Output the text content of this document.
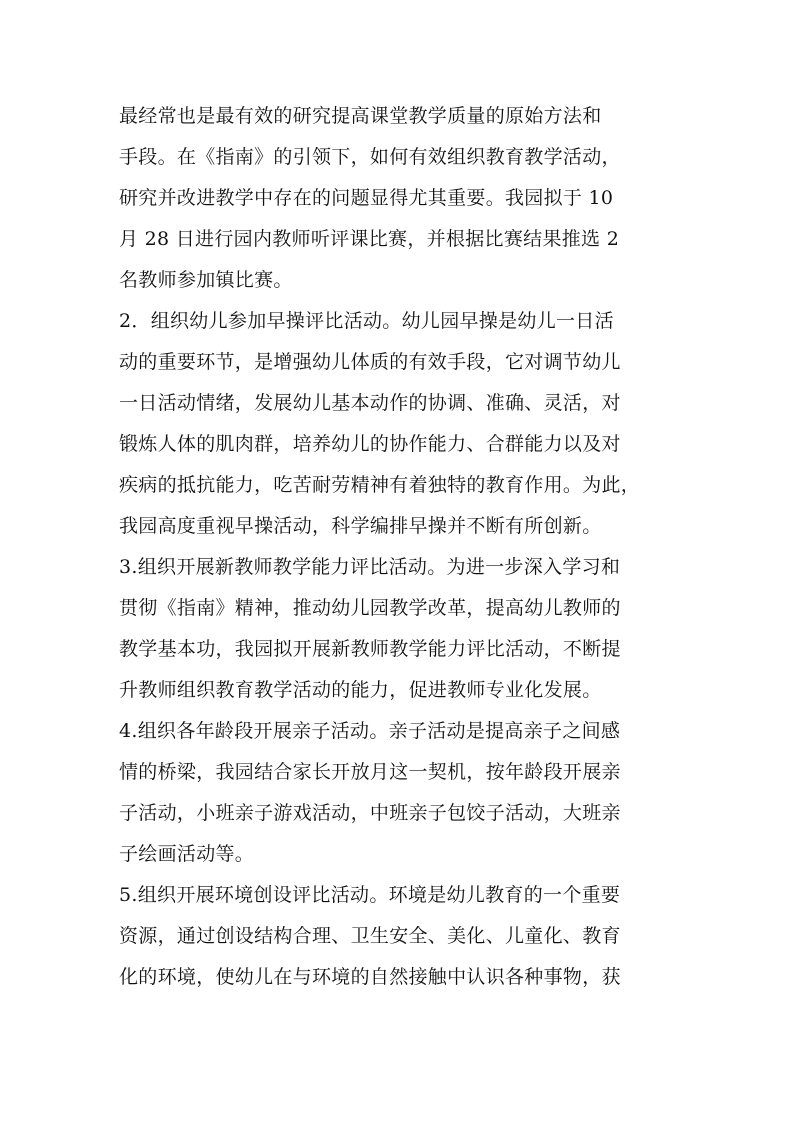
最经常也是最有效的研究提高课堂教学质量的原始方法和
手段。在《指南》的引领下，如何有效组织教育教学活动，
研究并改进教学中存在的问题显得尤其重要。我园拟于 10
月 28 日进行园内教师听评课比赛，并根据比赛结果推选 2
名教师参加镇比赛。
2．组织幼儿参加早操评比活动。幼儿园早操是幼儿一日活
动的重要环节，是增强幼儿体质的有效手段，它对调节幼儿
一日活动情绪，发展幼儿基本动作的协调、准确、灵活，对
锻炼人体的肌肉群，培养幼儿的协作能力、合群能力以及对
疾病的抵抗能力，吃苦耐劳精神有着独特的教育作用。为此，
我园高度重视早操活动，科学编排早操并不断有所创新。
3.组织开展新教师教学能力评比活动。为进一步深入学习和
贯彻《指南》精神，推动幼儿园教学改革，提高幼儿教师的
教学基本功，我园拟开展新教师教学能力评比活动，不断提
升教师组织教育教学活动的能力，促进教师专业化发展。
4.组织各年龄段开展亲子活动。亲子活动是提高亲子之间感
情的桥梁，我园结合家长开放月这一契机，按年龄段开展亲
子活动，小班亲子游戏活动，中班亲子包饺子活动，大班亲
子绘画活动等。
5.组织开展环境创设评比活动。环境是幼儿教育的一个重要
资源，通过创设结构合理、卫生安全、美化、儿童化、教育
化的环境，使幼儿在与环境的自然接触中认识各种事物，获
